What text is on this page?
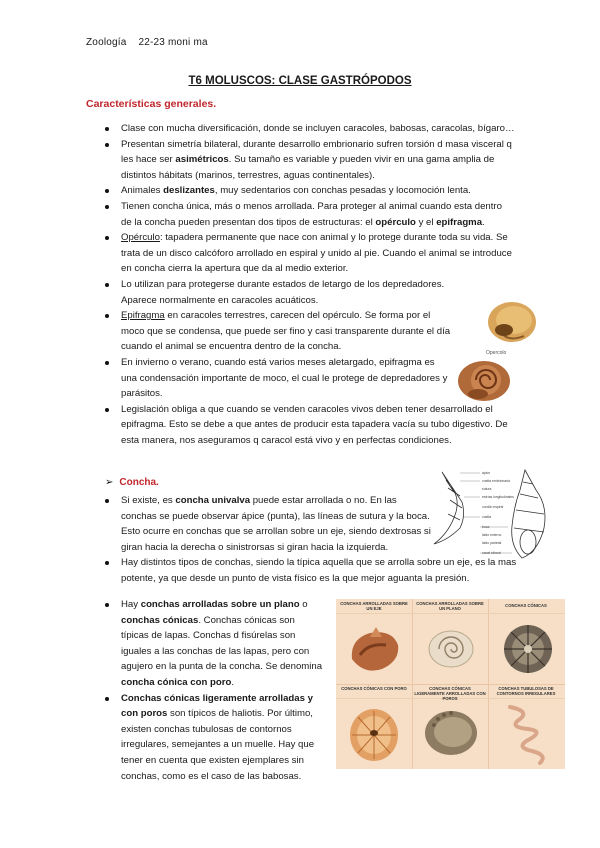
Zoología 22-23 moni ma
T6 MOLUSCOS: CLASE GASTRÓPODOS
Características generales.
Clase con mucha diversificación, donde se incluyen caracoles, babosas, caracolas, bígaro…
Presentan simetría bilateral, durante desarrollo embrionario sufren torsión d masa visceral q les hace ser asimétricos. Su tamaño es variable y pueden vivir en una gama amplia de distintos hábitats (marinos, terrestres, aguas continentales).
Animales deslizantes, muy sedentarios con conchas pesadas y locomoción lenta.
Tienen concha única, más o menos arrollada. Para proteger al animal cuando esta dentro de la concha pueden presentan dos tipos de estructuras: el opérculo y el epifragma.
Opérculo: tapadera permanente que nace con animal y lo protege durante toda su vida. Se trata de un disco calcóforo arrollado en espiral y unido al pie. Cuando el animal se introduce en concha cierra la apertura que da al medio exterior.
Lo utilizan para protegerse durante estados de letargo de los depredadores. Aparece normalmente en caracoles acuáticos.
Epifragma en caracoles terrestres, carecen del opérculo. Se forma por el moco que se condensa, que puede ser fino y casi transparente durante el día cuando el animal se encuentra dentro de la concha.
En invierno o verano, cuando está varios meses aletargado, epifragma es una condensación importante de moco, el cual le protege de depredadores y parásitos.
Legislación obliga a que cuando se venden caracoles vivos deben tener desarrollado el epifragma. Esto se debe a que antes de producir esta tapadera vacía su tubo digestivo. De esta manera, nos aseguramos q caracol está vivo y en perfectas condiciones.
Opercolo
➢ Concha.
Si existe, es concha univalva puede estar arrollada o no. En las conchas se puede observar ápice (punta), las líneas de sutura y la boca. Esto ocurre en conchas que se arrollan sobre un eje, siendo dextrosas si giran hacia la derecha o sinistrorsas si giran hacia la izquierda.
Hay distintos tipos de conchas, siendo la típica aquella que se arrolla sobre un eje, es la mas potente, ya que desde un punto de vista físico es la que mejor aguanta la presión.
Hay conchas arrolladas sobre un plano o conchas cónicas. Conchas cónicas son típicas de lapas. Conchas d fisúrelas son iguales a las conchas de las lapas, pero con agujero en la punta de la concha. Se denomina concha cónica con poro.
Conchas cónicas ligeramente arrolladas y con poros son típicos de haliotis. Por último, existen conchas tubulosas de contornos irregulares, semejantes a un muelle. Hay que tener en cuenta que existen ejemplares sin conchas, como es el caso de las babosas.
ápice
vuelta embrionaria
sutura
estrías longitudinales
cordón espiral
vuelta
boca
labio externo
labio parietal
canal sifonal
CONCHAS ARROLLADAS SOBRE UN EJE
CONCHAS ARROLLADAS SOBRE UN PLANO
CONCHAS CÓNICAS
CONCHAS CÓNICAS CON PORO	CONCHAS CÓNICAS LIGERAMENTE ARROLLADAS CON POROS
CONCHAS TUBULOSAS DE CONTORNOS IRREGULARES
